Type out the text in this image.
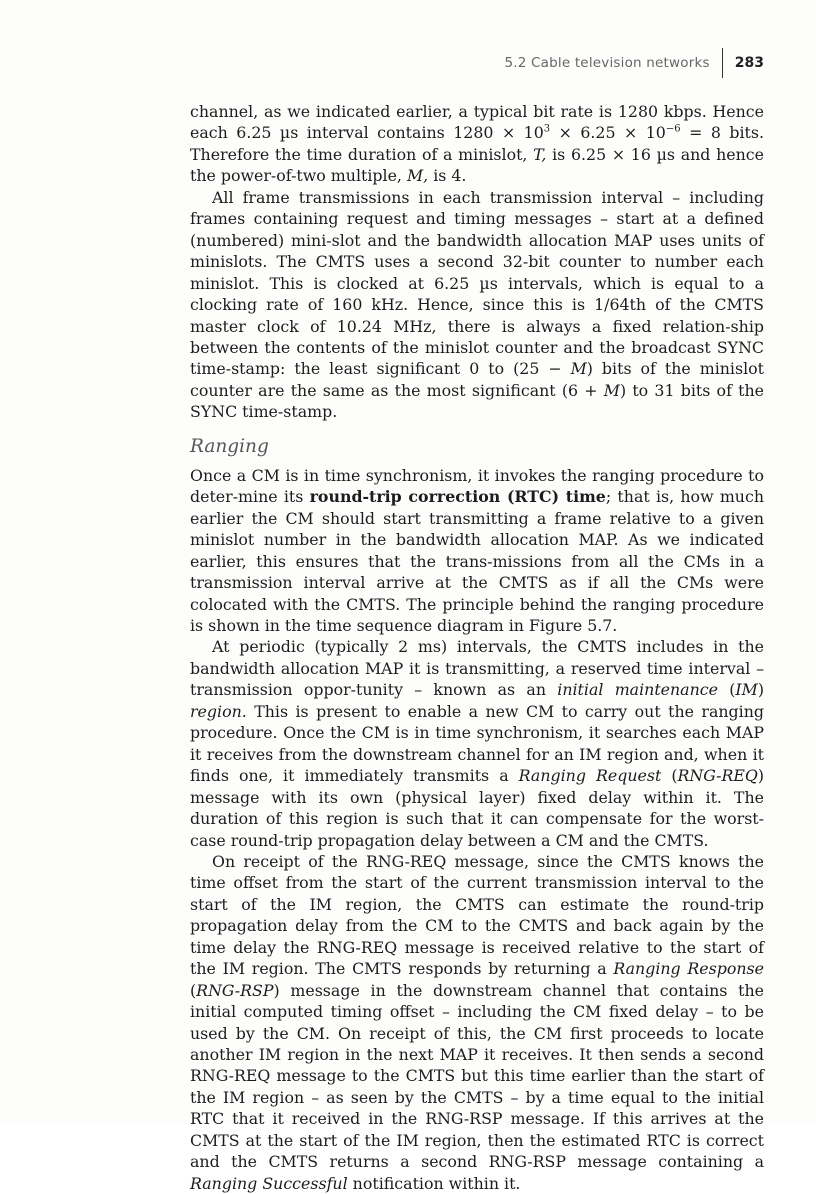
5.2 Cable television networks 283

channel, as we indicated earlier, a typical bit rate is 1280 kbps. Hence each 6.25 µs interval contains $1280 \times 10^3 \times 6.25 \times 10^{-6} = 8$ bits. Therefore the time duration of a minislot, T, is 6.25 × 16 µs and hence the power-of-two multiple, M, is 4.

All frame transmissions in each transmission interval – including frames containing request and timing messages – start at a defined (numbered) mini-slot and the bandwidth allocation MAP uses units of minislots. The CMTS uses a second 32-bit counter to number each minislot. This is clocked at 6.25 µs intervals, which is equal to a clocking rate of 160 kHz. Hence, since this is 1/64th of the CMTS master clock of 10.24 MHz, there is always a fixed relation-ship between the contents of the minislot counter and the broadcast SYNC time-stamp: the least significant 0 to (25 − M) bits of the minislot counter are the same as the most significant (6 + M) to 31 bits of the SYNC time-stamp.

Ranging

Once a CM is in time synchronism, it invokes the ranging procedure to deter-mine its round-trip correction (RTC) time; that is, how much earlier the CM should start transmitting a frame relative to a given minislot number in the bandwidth allocation MAP. As we indicated earlier, this ensures that the trans-missions from all the CMs in a transmission interval arrive at the CMTS as if all the CMs were colocated with the CMTS. The principle behind the ranging procedure is shown in the time sequence diagram in Figure 5.7.

At periodic (typically 2 ms) intervals, the CMTS includes in the bandwidth allocation MAP it is transmitting, a reserved time interval – transmission oppor-tunity – known as an initial maintenance (IM) region. This is present to enable a new CM to carry out the ranging procedure. Once the CM is in time synchronism, it searches each MAP it receives from the downstream channel for an IM region and, when it finds one, it immediately transmits a Ranging Request (RNG-REQ) message with its own (physical layer) fixed delay within it. The duration of this region is such that it can compensate for the worst-case round-trip propagation delay between a CM and the CMTS.

On receipt of the RNG-REQ message, since the CMTS knows the time offset from the start of the current transmission interval to the start of the IM region, the CMTS can estimate the round-trip propagation delay from the CM to the CMTS and back again by the time delay the RNG-REQ message is received relative to the start of the IM region. The CMTS responds by returning a Ranging Response (RNG-RSP) message in the downstream channel that contains the initial computed timing offset – including the CM fixed delay – to be used by the CM. On receipt of this, the CM first proceeds to locate another IM region in the next MAP it receives. It then sends a second RNG-REQ message to the CMTS but this time earlier than the start of the IM region – as seen by the CMTS – by a time equal to the initial RTC that it received in the RNG-RSP message. If this arrives at the CMTS at the start of the IM region, then the estimated RTC is correct and the CMTS returns a second RNG-RSP message containing a Ranging Successful notification within it.
